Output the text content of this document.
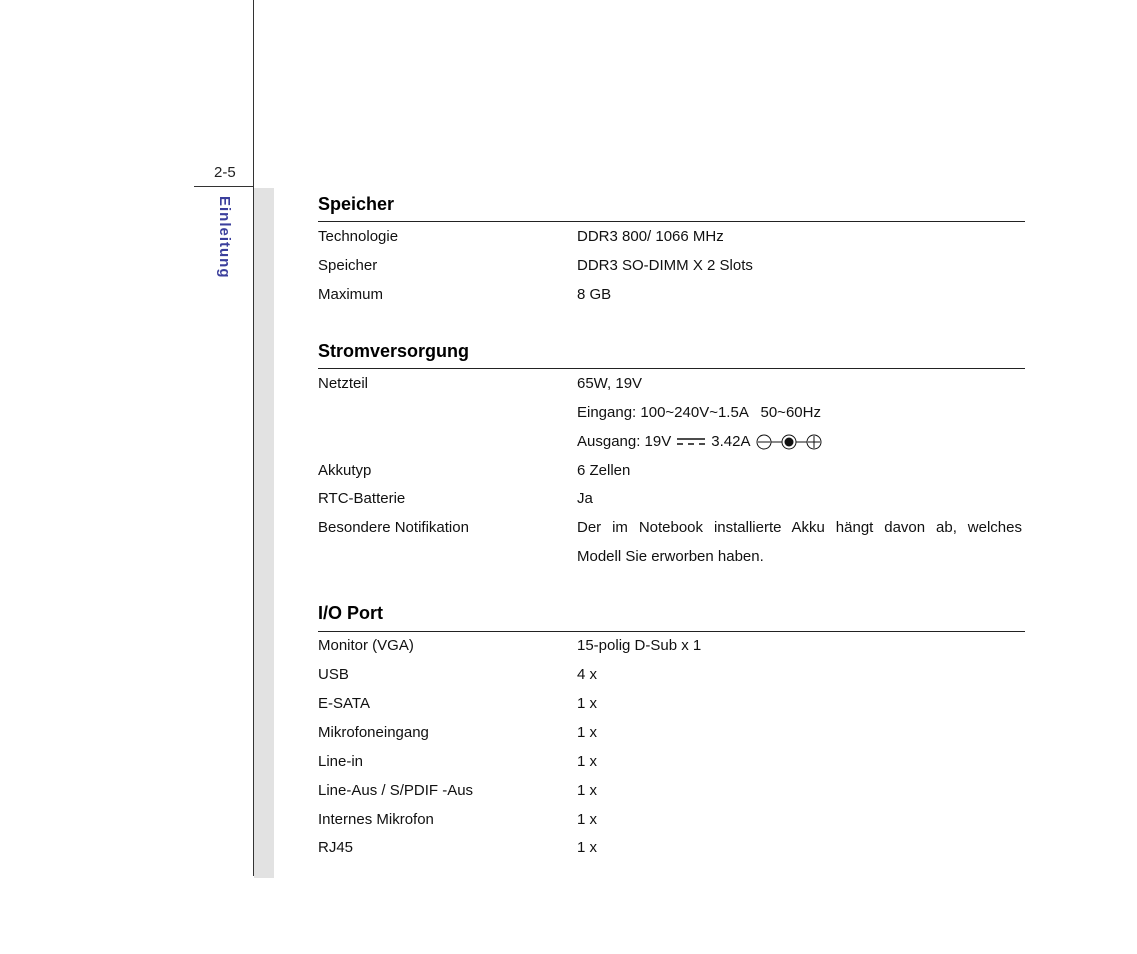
2-5
Einleitung	Speicher
Technologie	DDR3 800/ 1066 MHz
Speicher	DDR3 SO-DIMM X 2 Slots
Maximum	8 GB
Stromversorgung
Netzteil	65W, 19V
Eingang: 100~240V~1.5A   50~60Hz
Ausgang: 19V	3.42A
Akkutyp	6 Zellen
RTC-Batterie	Ja
Besondere Notifikation	Der im Notebook installierte Akku hängt davon ab, welches
Modell Sie erworben haben.
I/O Port
Monitor (VGA)	15-polig D-Sub x 1
USB	4 x
E-SATA	1 x
Mikrofoneingang	1 x
Line-in	1 x
Line-Aus / S/PDIF -Aus	1 x
Internes Mikrofon	1 x
RJ45	1 x
